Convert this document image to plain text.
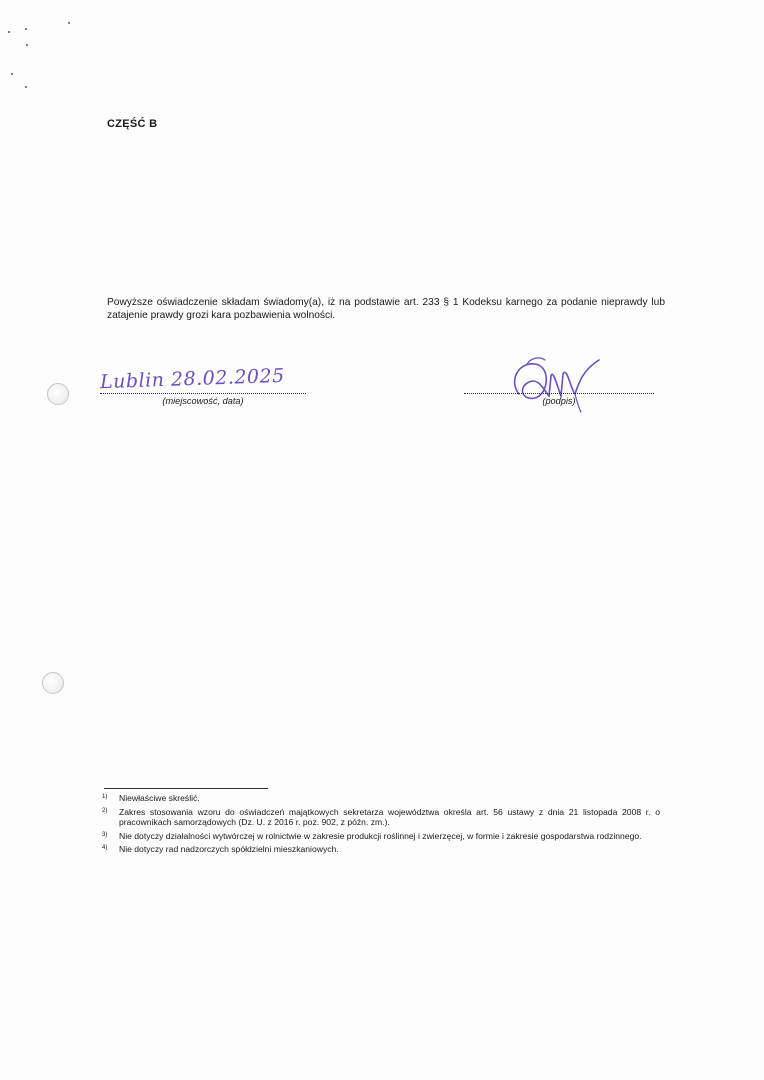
CZĘŚĆ B
Powyższe oświadczenie składam świadomy(a), iż na podstawie art. 233 § 1 Kodeksu karnego za podanie nieprawdy lub zatajenie prawdy grozi kara pozbawienia wolności.
Lublin 28.02.2025
(miejscowość, data)	(podpis)
1) Niewłaściwe skreślić.
2) Zakres stosowania wzoru do oświadczeń majątkowych sekretarza województwa określa art. 56 ustawy z dnia 21 listopada 2008 r. o pracownikach samorządowych (Dz. U. z 2016 r. poz. 902, z późn. zm.).
3) Nie dotyczy działalności wytwórczej w rolnictwie w zakresie produkcji roślinnej i zwierzęcej, w formie i zakresie gospodarstwa rodzinnego.
4) Nie dotyczy rad nadzorczych spółdzielni mieszkaniowych.
